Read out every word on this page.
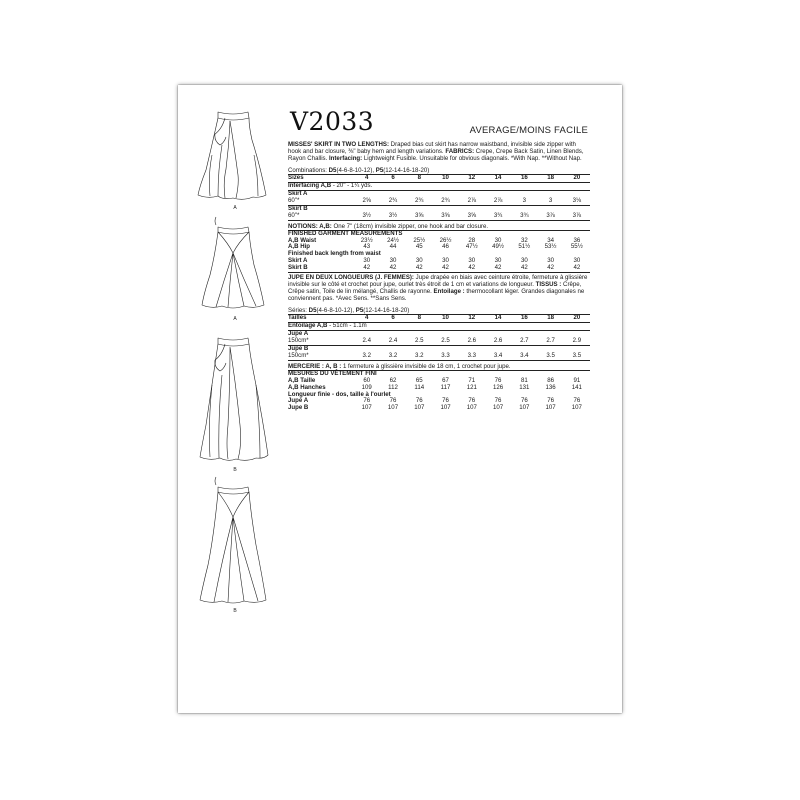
A
A
B
B
V2033	AVERAGE/MOINS FACILE

MISSES' SKIRT IN TWO LENGTHS: Draped bias cut skirt has narrow waistband, invisible side zipper with hook and bar closure, ⅜" baby hem and length variations. FABRICS: Crepe, Crepe Back Satin, Linen Blends, Rayon Challis. Interfacing: Lightweight Fusible. Unsuitable for obvious diagonals. *With Nap. **Without Nap.

Combinations: D5(4-6-8-10-12), P5(12-14-16-18-20)

Sizes	4	6	8	10	12	14	16	18	20
Interfacing A,B - 20" - 1¼ yds.									
Skirt A									
60"*	2⅝	2¾	2¾	2¾	2⅞	2⅞	3	3	3⅛
Skirt B									
60"*	3½	3½	3⅝	3⅝	3⅝	3¾	3¾	3⅞	3⅞

NOTIONS: A,B: One 7" (18cm) invisible zipper, one hook and bar closure.

FINISHED GARMENT MEASUREMENTS									
A,B Waist	23½	24½	25½	26½	28	30	32	34	36
A,B Hip	43	44	45	46	47½	49½	51½	53½	55½
Finished back length from waist									
Skirt A	30	30	30	30	30	30	30	30	30
Skirt B	42	42	42	42	42	42	42	42	42

JUPE EN DEUX LONGUEURS (J. FEMMES): Jupe drapée en biais avec ceinture étroite, fermeture à glissière invisible sur le côté et crochet pour jupe, ourlet très étroit de 1 cm et variations de longueur. TISSUS : Crêpe, Crêpe satin, Toile de lin mélangé, Challis de rayonne. Entoilage : thermocollant léger. Grandes diagonales ne conviennent pas. *Avec Sens. **Sans Sens.

Séries: D5(4-6-8-10-12), P5(12-14-16-18-20)

Tailles	4	6	8	10	12	14	16	18	20
Entoilage A,B - 51cm - 1.1m									
Jupe A									
150cm*	2.4	2.4	2.5	2.5	2.6	2.6	2.7	2.7	2.9
Jupe B									
150cm*	3.2	3.2	3.2	3.3	3.3	3.4	3.4	3.5	3.5

MERCERIE : A, B : 1 fermeture à glissière invisible de 18 cm, 1 crochet pour jupe.

MESURES DU VÊTEMENT FINI									
A,B Taille	60	62	65	67	71	76	81	86	91
A,B Hanches	109	112	114	117	121	126	131	136	141
Longueur finie - dos, taille à l'ourlet									
Jupe A	76	76	76	76	76	76	76	76	76
Jupe B	107	107	107	107	107	107	107	107	107
